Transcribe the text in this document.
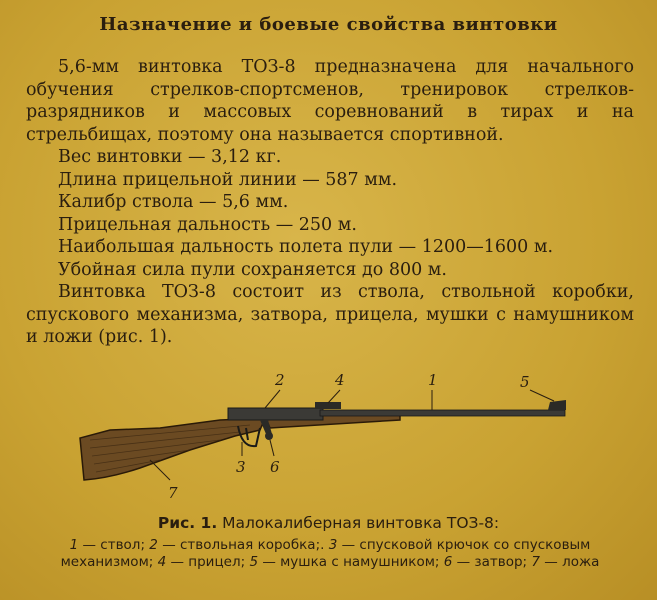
Назначение и боевые свойства винтовки

5,6-мм винтовка ТОЗ-8 предназначена для начального обучения стрелков-спортсменов, тренировок стрелков-разрядников и массовых соревнований в тирах и на стрельбищах, поэтому она называется спортивной.

Вес винтовки — 3,12 кг.

Длина прицельной линии — 587 мм.

Калибр ствола — 5,6 мм.

Прицельная дальность — 250 м.

Наибольшая дальность полета пули — 1200—1600 м.

Убойная сила пули сохраняется до 800 м.

Винтовка ТОЗ-8 состоит из ствола, ствольной коробки, спускового механизма, затвора, прицела, мушки с намушником и ложи (рис. 1).

2	4	1	5
3 6
7
Рис. 1. Малокалиберная винтовка ТОЗ-8:
1 — ствол; 2 — ствольная коробка;. 3 — спусковой крючок со спусковым механизмом; 4 — прицел; 5 — мушка с намушником; 6 — затвор; 7 — ложа
